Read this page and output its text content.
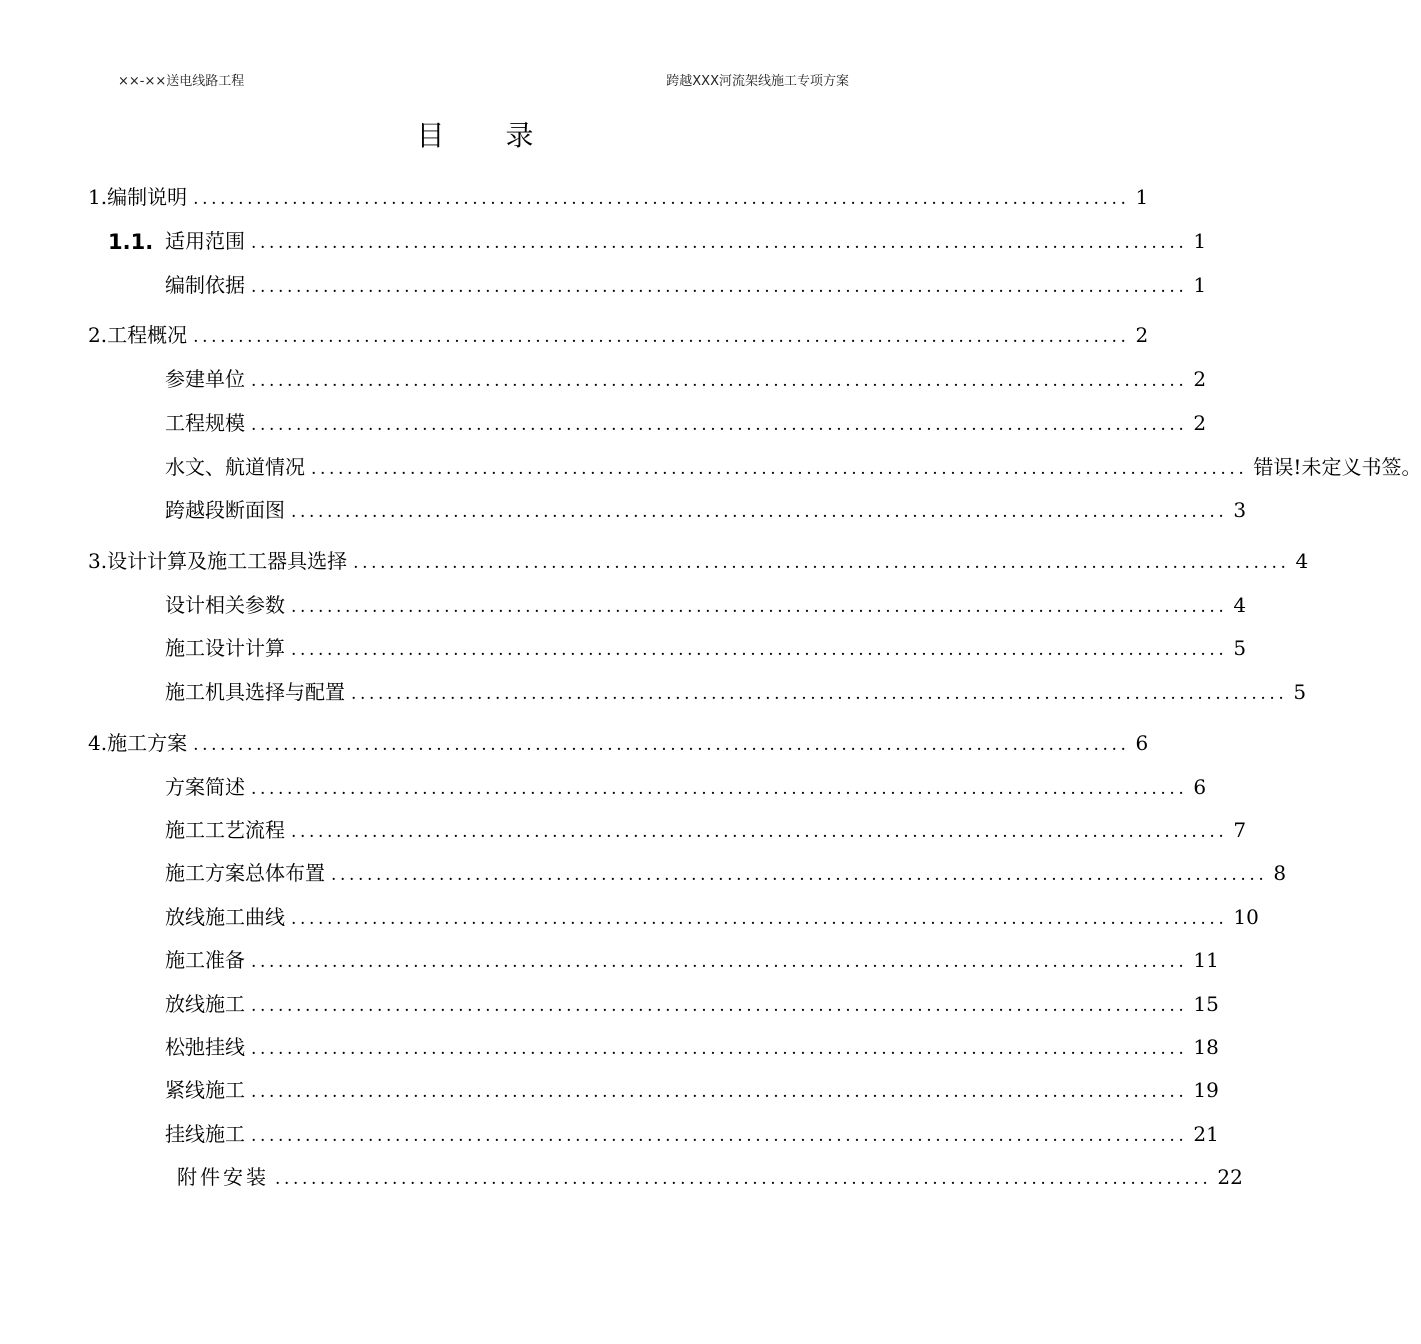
××-××送电线路工程	跨越XXX河流架线施工专项方案
目 录
1.1.
1. 编制说明 ........................................................................................................ 1
适用范围 ........................................................................................................ 1
编制依据 ........................................................................................................ 1
2. 工程概况 ........................................................................................................ 2
参建单位 ........................................................................................................ 2
工程规模 ........................................................................................................ 2
水文、航道情况 ........................................................................................................ 错误!未定义书签。
跨越段断面图 ........................................................................................................ 3
3. 设计计算及施工工器具选择 ........................................................................................................ 4
设计相关参数 ........................................................................................................ 4
施工设计计算 ........................................................................................................ 5
施工机具选择与配置 ........................................................................................................ 5
4. 施工方案 ........................................................................................................ 6
方案简述 ........................................................................................................ 6
施工工艺流程 ........................................................................................................ 7
施工方案总体布置 ........................................................................................................ 8
放线施工曲线 ........................................................................................................ 10
施工准备 ........................................................................................................ 11
放线施工 ........................................................................................................ 15
松弛挂线 ........................................................................................................ 18
紧线施工 ........................................................................................................ 19
挂线施工 ........................................................................................................ 21
附件安装 ........................................................................................................ 22
